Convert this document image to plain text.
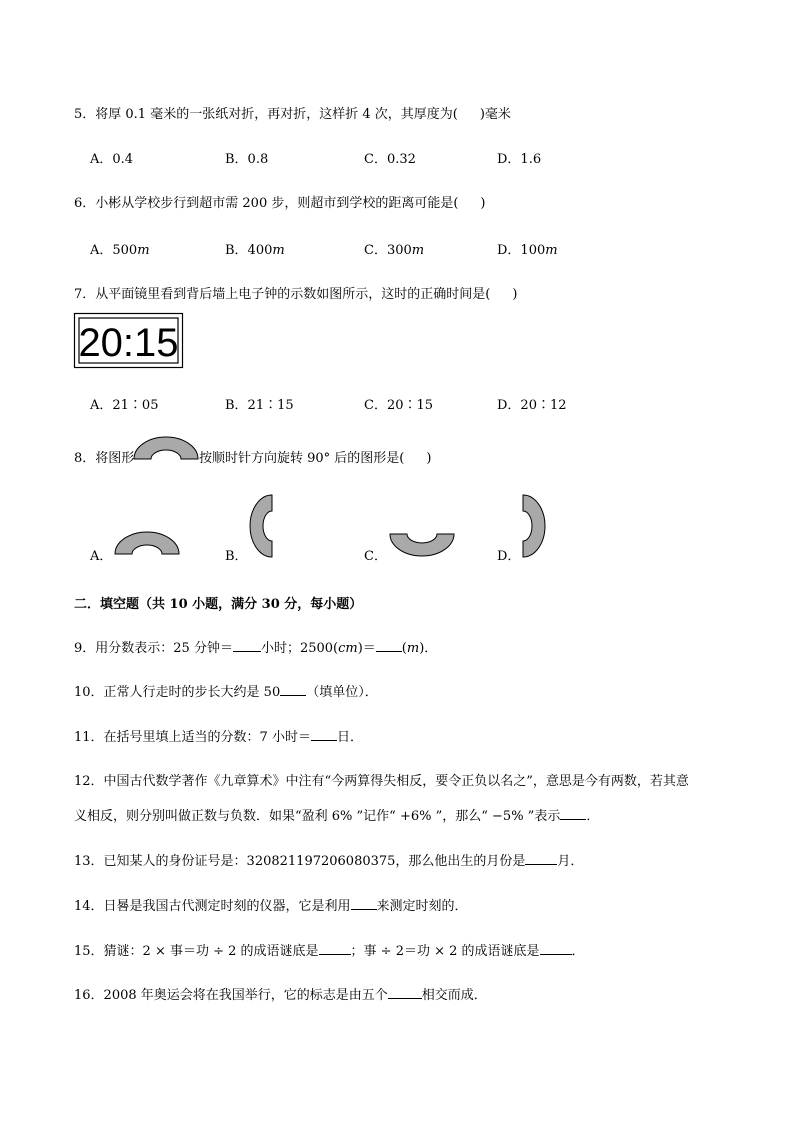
5．将厚 0.1 毫米的一张纸对折，再对折，这样折 4 次，其厚度为( )毫米
A．0.4	B．0.8	C．0.32	D．1.6
6．小彬从学校步行到超市需 200 步，则超市到学校的距离可能是( )
A．500m	B．400m	C．300m	D．100m
7．从平面镜里看到背后墙上电子钟的示数如图所示，这时的正确时间是( )
20:15
A．21∶05	B．21∶15	C．20∶15	D．20∶12
8．将图形	按顺时针方向旋转 90° 后的图形是( )
A．	B．	C．	D．
二．填空题（共 10 小题，满分 30 分，每小题）
9．用分数表示：25 分钟＝ 小时；2500(cm)＝ (m)．
10．正常人行走时的步长大约是 50 （填单位）．
11．在括号里填上适当的分数：7 小时＝ 日．
12．中国古代数学著作《九章算术》中注有“今两算得失相反，要令正负以名之”，意思是今有两数，若其意
义相反，则分别叫做正数与负数．如果“盈利 6% ”记作“ +6% ”，那么“ −5% ”表示 ．
13．已知某人的身份证号是：320821197206080375，那么他出生的月份是 月．
14．日晷是我国古代测定时刻的仪器，它是利用 来测定时刻的．
15．猜谜：2 × 事＝功 ÷ 2 的成语谜底是 ；事 ÷ 2＝功 × 2 的成语谜底是 ．
16．2008 年奥运会将在我国举行，它的标志是由五个	相交而成．
